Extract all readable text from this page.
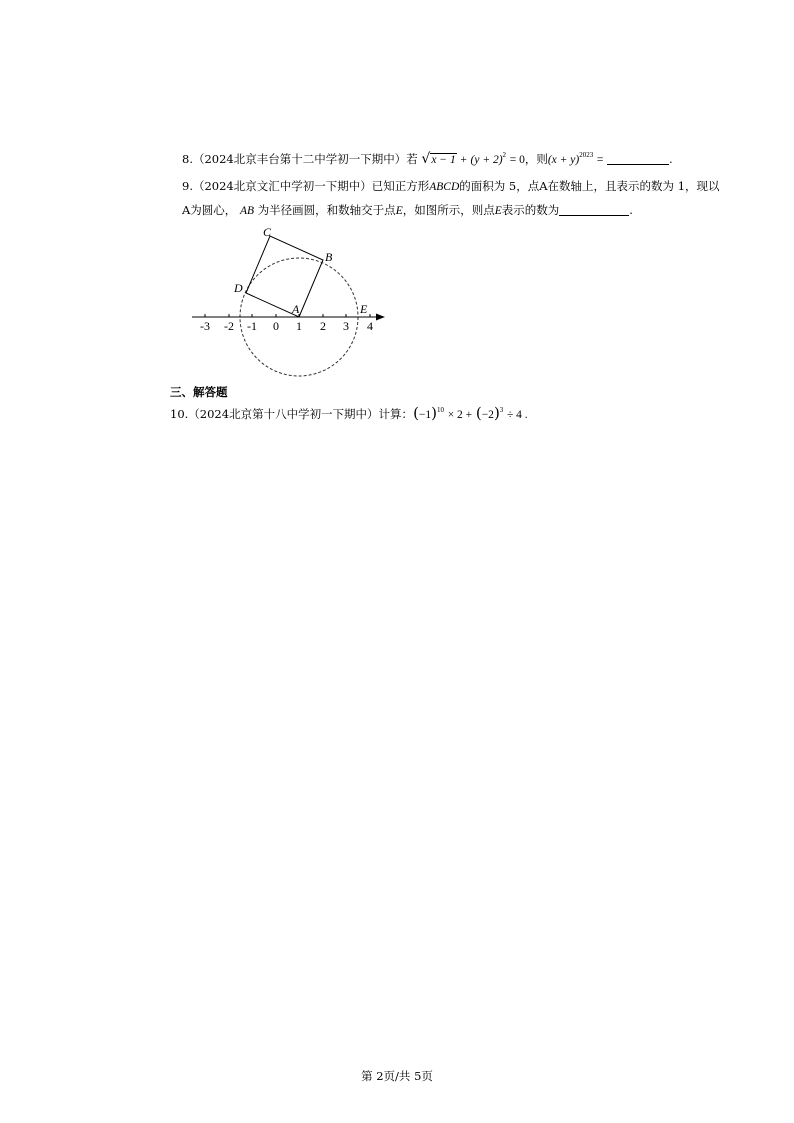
8.（2024北京丰台第十二中学初一下期中）若 $√x - 1 + (y + 2)^2 = 0$，则$(x + y)^{2023}$ =	.
9.（2024北京文汇中学初一下期中）已知正方形ABCD的面积为 5，点A在数轴上，且表示的数为 1，现以
A为圆心， AB 为半径画圆，和数轴交于点E，如图所示，则点E表示的数为	.
-3 -2 -1 0 1 2 3 4
C
B
D
A	E
三、解答题
10.（2024北京第十八中学初一下期中）计算：$(-1)^{10} \times 2 + (-2)^3 \div 4$ .
第 2页/共 5页
